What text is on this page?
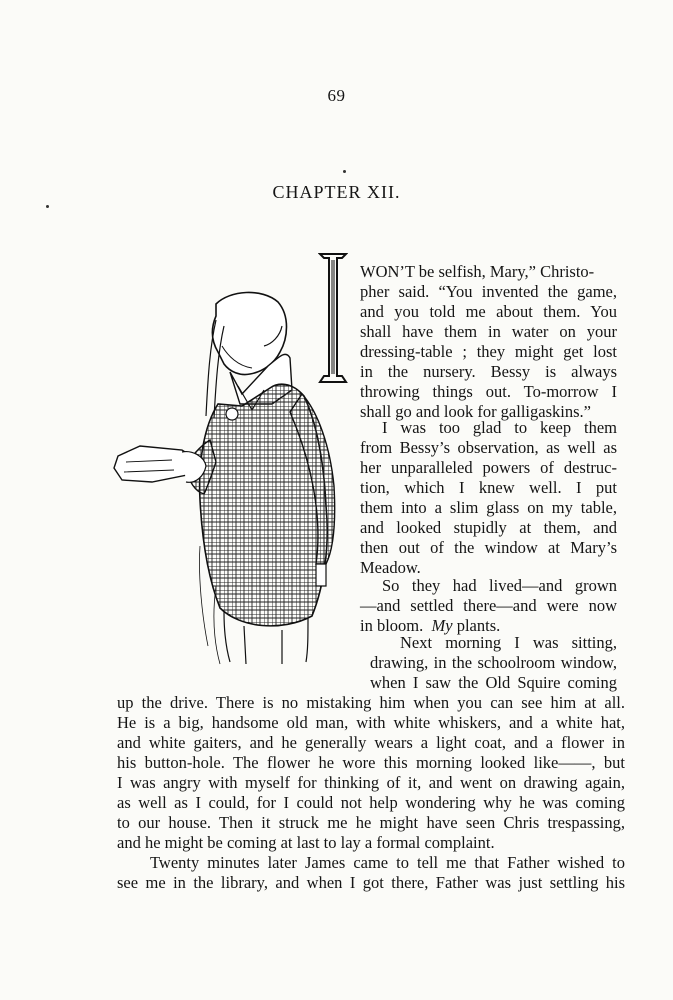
69
CHAPTER XII.
WON’T be selfish, Mary,” Christo-
pher said. “You invented the game,
and you told me about them. You
shall have them in water on your
dressing-table ; they might get lost
in the nursery. Bessy is always
throwing things out. To-morrow I
shall go and look for galligaskins.”
I was too glad to keep them
from Bessy’s observation, as well as
her unparalleled powers of destruc-
tion, which I knew well. I put
them into a slim glass on my table,
and looked stupidly at them, and
then out of the window at Mary’s
Meadow.
So they had lived—and grown
—and settled there—and were now
in bloom.  My plants.
Next morning I was sitting,
drawing, in the schoolroom window,
when I saw the Old Squire coming
up the drive. There is no mistaking him when you can see him at all.
He is a big, handsome old man, with white whiskers, and a white hat,
and white gaiters, and he generally wears a light coat, and a flower in
his button-hole. The flower he wore this morning looked like——, but
I was angry with myself for thinking of it, and went on drawing again,
as well as I could, for I could not help wondering why he was coming
to our house. Then it struck me he might have seen Chris trespassing,
and he might be coming at last to lay a formal complaint.
Twenty minutes later James came to tell me that Father wished to
see me in the library, and when I got there, Father was just settling his
